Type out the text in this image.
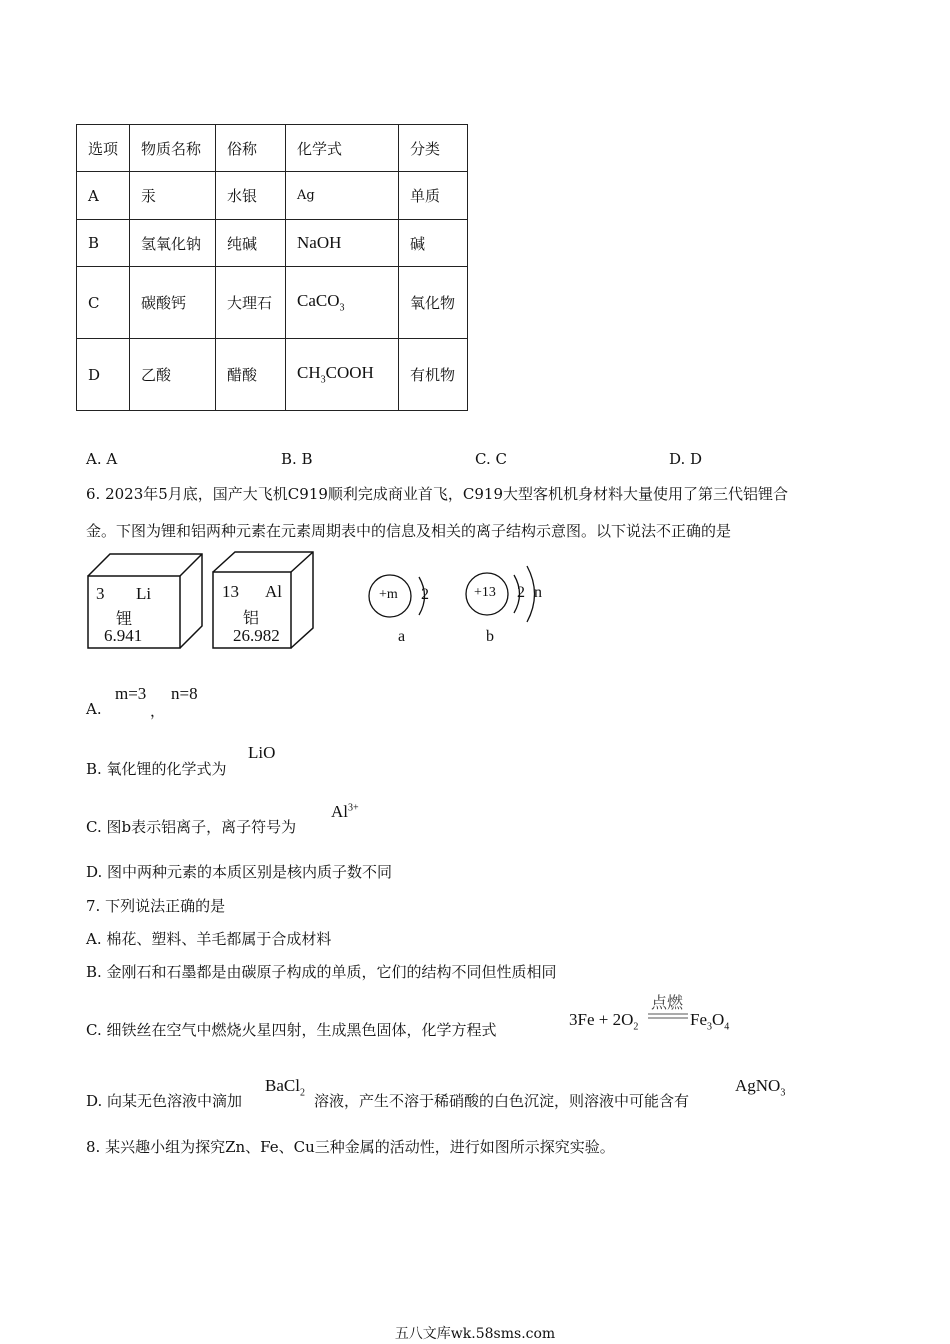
选项	物质名称	俗称	化学式	分类
A	汞	水银	Ag	单质
B	氢氧化钠	纯碱	NaOH	碱
C	碳酸钙	大理石	CaCO$_3$	氧化物
D	乙酸	醋酸	$CH_3COOH$	有机物
A. A	B. B	C. C	D. D
6. 2023年5月底，国产大飞机C919顺利完成商业首飞，C919大型客机机身材料大量使用了第三代铝锂合
金。下图为锂和铝两种元素在元素周期表中的信息及相关的离子结构示意图。以下说法不正确的是
3 Li
锂
6.941
13 Al
铝
26.982
+m 2
a
+13 2 n
b
A.
m=3
，
n=8
B. 氧化锂的化学式为
LiO
C. 图b表示铝离子，离子符号为
$Al^{3+}$
D. 图中两种元素的本质区别是核内质子数不同
7. 下列说法正确的是
A. 棉花、塑料、羊毛都属于合成材料
B. 金刚石和石墨都是由碳原子构成的单质，它们的结构不同但性质相同
C. 细铁丝在空气中燃烧火星四射，生成黑色固体，化学方程式
$3Fe + 2O_2$
点燃
$Fe_3O_4$
D. 向某无色溶液中滴加
BaCl$_2$ 溶液，产生不溶于稀硝酸的白色沉淀，则溶液中可能含有
AgNO$_3$
8. 某兴趣小组为探究Zn、Fe、Cu三种金属的活动性，进行如图所示探究实验。
五八文库wk.58sms.com
